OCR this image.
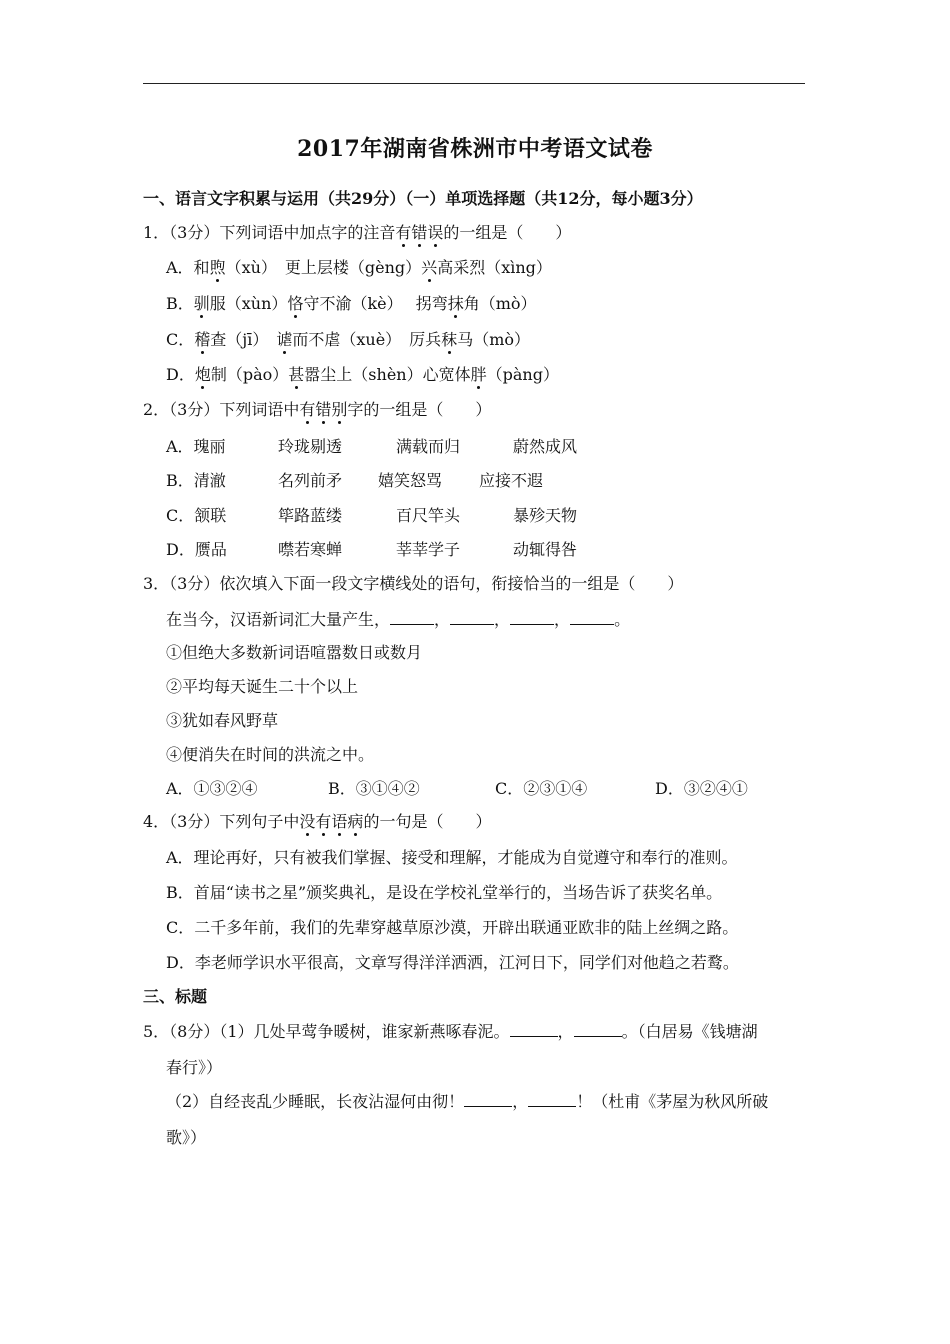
2017年湖南省株洲市中考语文试卷
一、语言文字积累与运用（共29分）（一）单项选择题（共12分，每小题3分）
1．（3分）下列词语中加点字的注音有错误的一组是（　　）
A．和煦（xù）　更上层楼（gèng）兴高采烈（xìng）
B．驯服（xùn）恪守不渝（kè）　 拐弯抹角（mò）
C．稽查（jī）　谑而不虐（xuè）　厉兵秣马（mò）
D．炮制（pào）甚嚣尘上（shèn）心宽体胖（pàng）
2．（3分）下列词语中有错别字的一组是（　　）
A．瑰丽	玲珑剔透	满载而归	蔚然成风
B．清澈	名列前矛 嬉笑怒骂 应接不遐
C．颔联	筚路蓝缕	百尺竿头	暴殄天物
D．赝品	噤若寒蝉	莘莘学子	动辄得咎
3．（3分）依次填入下面一段文字横线处的语句，衔接恰当的一组是（　　）
在当今，汉语新词汇大量产生，	，	，	，	。
①但绝大多数新词语喧嚣数日或数月
②平均每天诞生二十个以上
③犹如春风野草
④便消失在时间的洪流之中。
A．①③②④	B．③①④②	C．②③①④	D．③②④①
4．（3分）下列句子中没有语病的一句是（　　）
A．理论再好，只有被我们掌握、接受和理解，才能成为自觉遵守和奉行的准则。
B．首届“读书之星”颁奖典礼，是设在学校礼堂举行的，当场告诉了获奖名单。
C．二千多年前，我们的先辈穿越草原沙漠，开辟出联通亚欧非的陆上丝绸之路。
D．李老师学识水平很高，文章写得洋洋洒洒，江河日下，同学们对他趋之若鹜。
三、标题
5．（8分）（1）几处早莺争暖树，谁家新燕啄春泥。	，	。（白居易《钱塘湖
春行》）
（2）自经丧乱少睡眠，长夜沾湿何由彻！	，	！（杜甫《茅屋为秋风所破
歌》）
